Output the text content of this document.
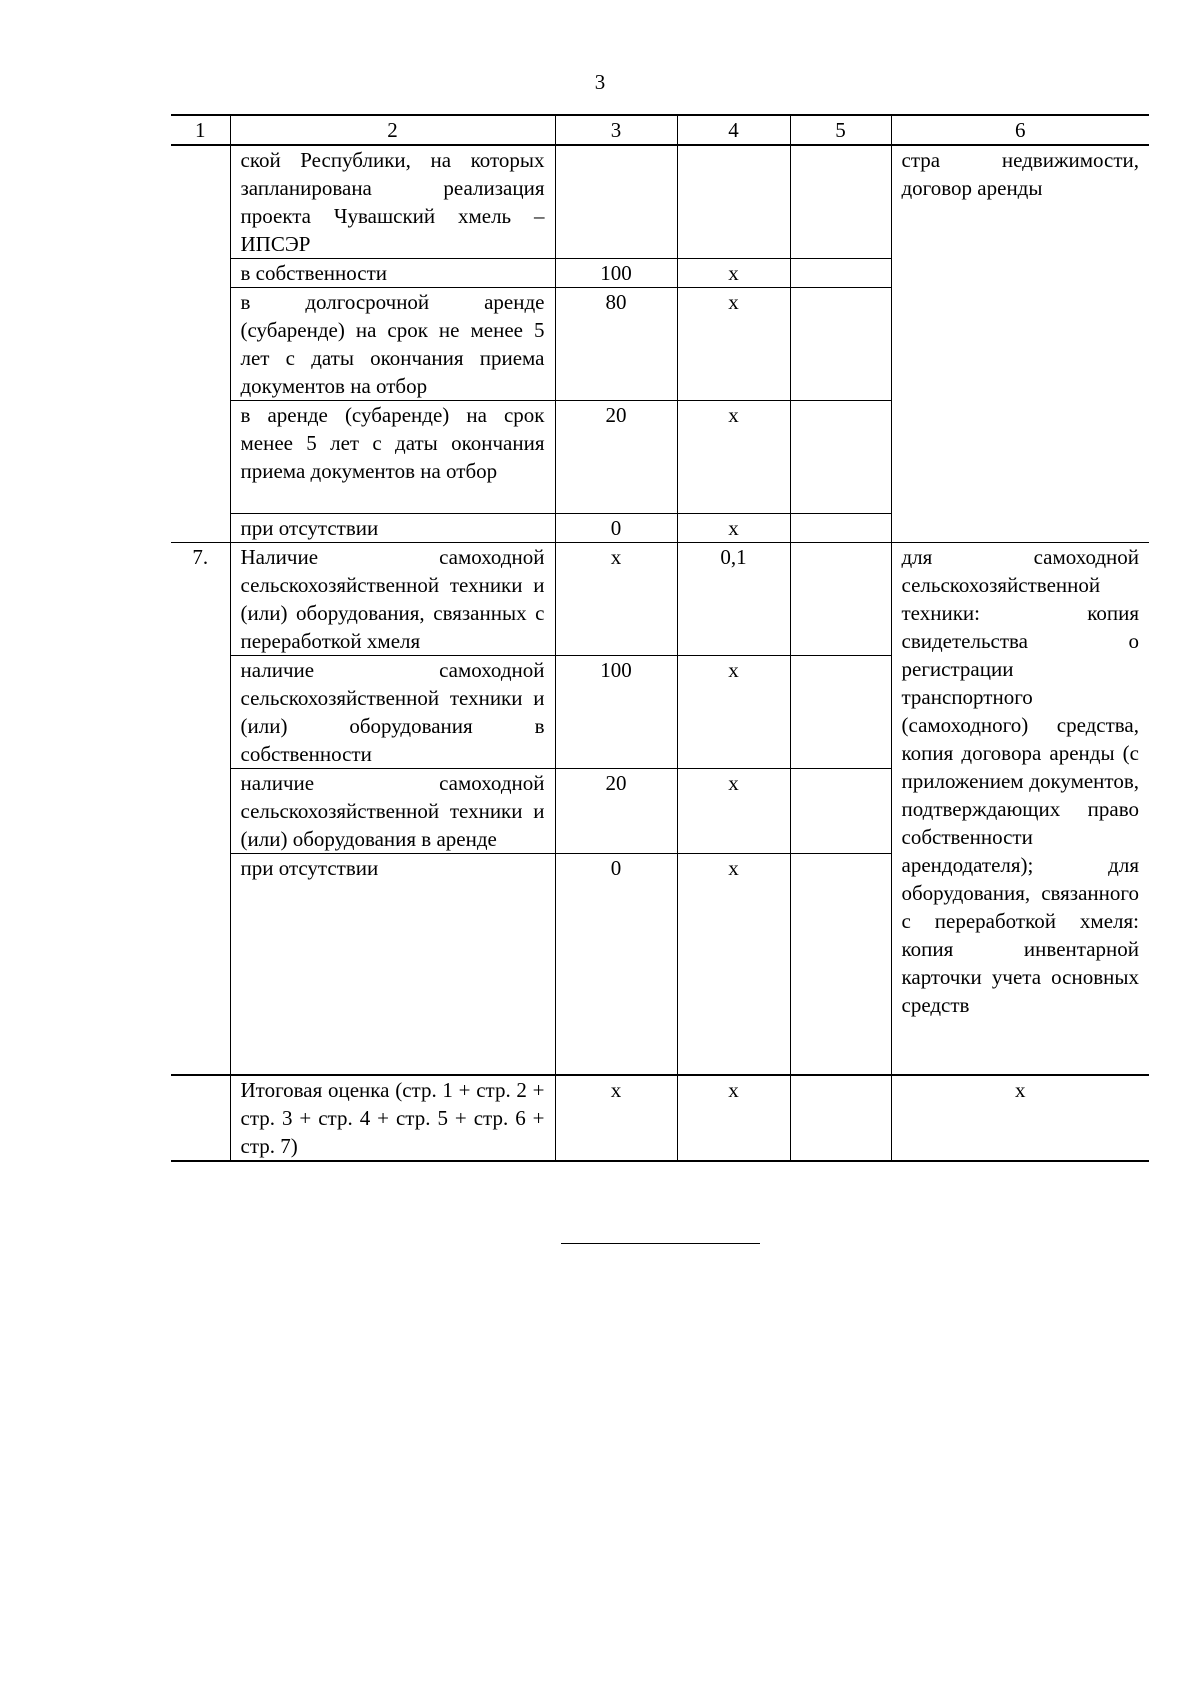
3
1	2	3	4	5	6
	ской Республики, на которых запланирована реализация проекта Чувашский хмель – ИПСЭР				стра недвижимости, договор аренды
	в собственности	100	х		
	в долгосрочной аренде (субаренде) на срок не менее 5 лет с даты окончания приема документов на отбор	80	х		
	в аренде (субаренде) на срок менее 5 лет с даты окончания приема документов на отбор	20	х		
	при отсутствии	0	х		
7.	Наличие самоходной сельскохозяйственной техники и (или) оборудования, связанных с переработкой хмеля	х	0,1		для самоходной сельскохозяйственной техники: копия свидетельства о регистрации транспортного (самоходного) средства, копия договора аренды (с приложением документов, подтверждающих право собственности арендодателя); для оборудования, связанного с переработкой хмеля: копия инвентарной карточки учета основных средств
	наличие самоходной сельскохозяйственной техники и (или) оборудования в собственности	100	х		
	наличие самоходной сельскохозяйственной техники и (или) оборудования в аренде	20	х		
	при отсутствии	0	х		
	Итоговая оценка (стр. 1 + стр. 2 + стр. 3 + стр. 4 + стр. 5 + стр. 6 + стр. 7)	х	х		х
